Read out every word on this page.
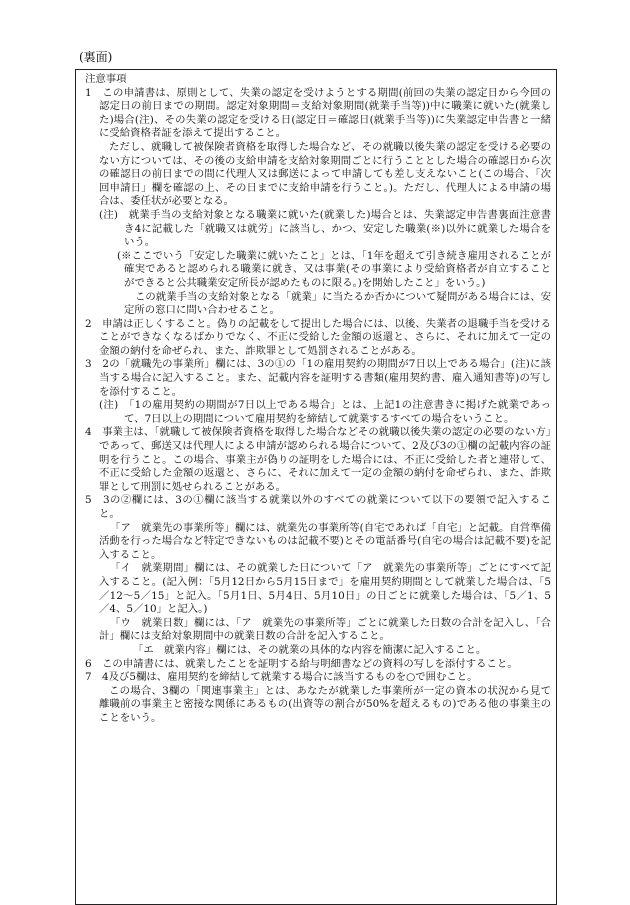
(裏面)
注意事項

1　この申請書は、原則として、失業の認定を受けようとする期間(前回の失業の認定日から今回の認定日の前日までの期間。認定対象期間＝支給対象期間(就業手当等))中に職業に就いた(就業した)場合(注)、その失業の認定を受ける日(認定日＝確認日(就業手当等))に失業認定申告書と一緒に受給資格者証を添えて提出すること。

ただし、就職して被保険者資格を取得した場合など、その就職以後失業の認定を受ける必要のない方については、その後の支給申請を支給対象期間ごとに行うこととした場合の確認日から次の確認日の前日までの間に代理人又は郵送によって申請しても差し支えないこと(この場合、「次回申請日」欄を確認の上、その日までに支給申請を行うこと。)。ただし、代理人による申請の場合は、委任状が必要となる。

(注)　就業手当の支給対象となる職業に就いた(就業した)場合とは、失業認定申告書裏面注意書き4に記載した「就職又は就労」に該当し、かつ、安定した職業(※)以外に就業した場合をいう。

(※ここでいう「安定した職業に就いたこと」とは、「1年を超えて引き続き雇用されることが確実であると認められる職業に就き、又は事業(その事業により受給資格者が自立することができると公共職業安定所長が認めたものに限る。)を開始したこと」をいう。)

この就業手当の支給対象となる「就業」に当たるか否かについて疑問がある場合には、安定所の窓口に問い合わせること。

2　申請は正しくすること。偽りの記載をして提出した場合には、以後、失業者の退職手当を受けることができなくなるばかりでなく、不正に受給した金額の返還と、さらに、それに加えて一定の金額の納付を命ぜられ、また、詐欺罪として処罰されることがある。

3　2の「就職先の事業所」欄には、3の①の「1の雇用契約の期間が7日以上である場合」(注)に該当する場合に記入すること。また、記載内容を証明する書類(雇用契約書、雇入通知書等)の写しを添付すること。

(注)　「1の雇用契約の期間が7日以上である場合」とは、上記1の注意書きに掲げた就業であって、7日以上の期間について雇用契約を締結して就業するすべての場合をいうこと。

4　事業主は、「就職して被保険者資格を取得した場合などその就職以後失業の認定の必要のない方」であって、郵送又は代理人による申請が認められる場合について、2及び3の①欄の記載内容の証明を行うこと。この場合、事業主が偽りの証明をした場合には、不正に受給した者と連帯して、不正に受給した金額の返還と、さらに、それに加えて一定の金額の納付を命ぜられ、また、詐欺罪として刑罰に処せられることがある。

5　3の②欄には、3の①欄に該当する就業以外のすべての就業について以下の要領で記入すること。

「ア　就業先の事業所等」欄には、就業先の事業所等(自宅であれば「自宅」と記載。自営準備活動を行った場合など特定できないものは記載不要)とその電話番号(自宅の場合は記載不要)を記入すること。

「イ　就業期間」欄には、その就業した日について「ア　就業先の事業所等」ごとにすべて記入すること。(記入例：「5月12日から5月15日まで」を雇用契約期間として就業した場合は、「5／12〜5／15」と記入。「5月1日、5月4日、5月10日」の日ごとに就業した場合は、「5／1、5／4、5／10」と記入。)

「ウ　就業日数」欄には、「ア　就業先の事業所等」ごとに就業した日数の合計を記入し、「合計」欄には支給対象期間中の就業日数の合計を記入すること。

「エ　就業内容」欄には、その就業の具体的な内容を簡潔に記入すること。

6　この申請書には、就業したことを証明する給与明細書などの資料の写しを添付すること。

7　4及び5欄は、雇用契約を締結して就業する場合に該当するものを○で囲むこと。

この場合、3欄の「関連事業主」とは、あなたが就業した事業所が一定の資本の状況から見て離職前の事業主と密接な関係にあるもの(出資等の割合が50%を超えるもの)である他の事業主のことをいう。
